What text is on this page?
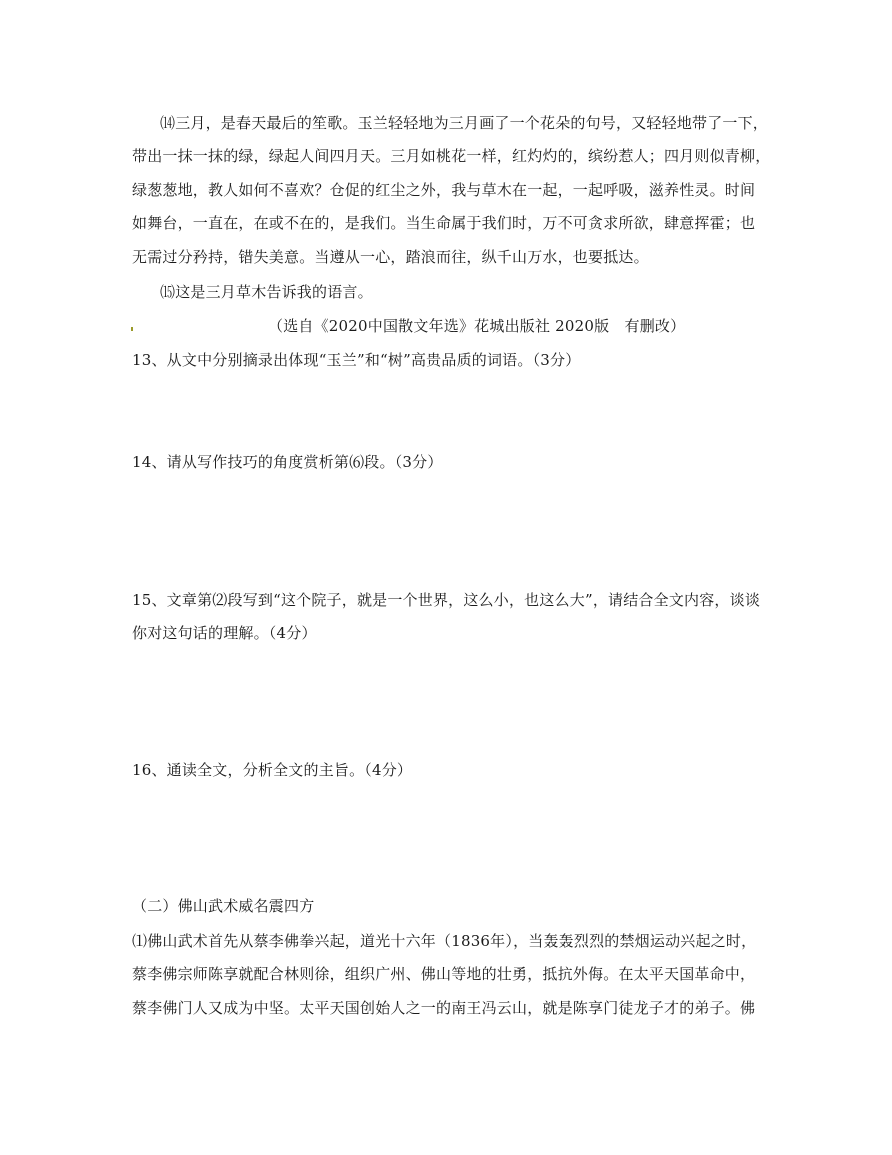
⒁三月，是春天最后的笙歌。玉兰轻轻地为三月画了一个花朵的句号，又轻轻地带了一下，
带出一抹一抹的绿，绿起人间四月天。三月如桃花一样，红灼灼的，缤纷惹人；四月则似青柳，
绿葱葱地，教人如何不喜欢？仓促的红尘之外，我与草木在一起，一起呼吸，滋养性灵。时间
如舞台，一直在，在或不在的，是我们。当生命属于我们时，万不可贪求所欲，肆意挥霍；也
无需过分矜持，错失美意。当遵从一心，踏浪而往，纵千山万水，也要抵达。
⒂这是三月草木告诉我的语言。
（选自《2020中国散文年选》花城出版社 2020版　有删改）
13、从文中分别摘录出体现“玉兰”和“树”高贵品质的词语。（3分）
14、请从写作技巧的角度赏析第⑹段。（3分）
15、文章第⑵段写到“这个院子，就是一个世界，这么小，也这么大”，请结合全文内容，谈谈
你对这句话的理解。（4分）
16、通读全文，分析全文的主旨。（4分）
（二）佛山武术威名震四方
⑴佛山武术首先从蔡李佛拳兴起，道光十六年（1836年），当轰轰烈烈的禁烟运动兴起之时，
蔡李佛宗师陈享就配合林则徐，组织广州、佛山等地的壮勇，抵抗外侮。在太平天国革命中，
蔡李佛门人又成为中坚。太平天国创始人之一的南王冯云山，就是陈享门徒龙子才的弟子。佛
